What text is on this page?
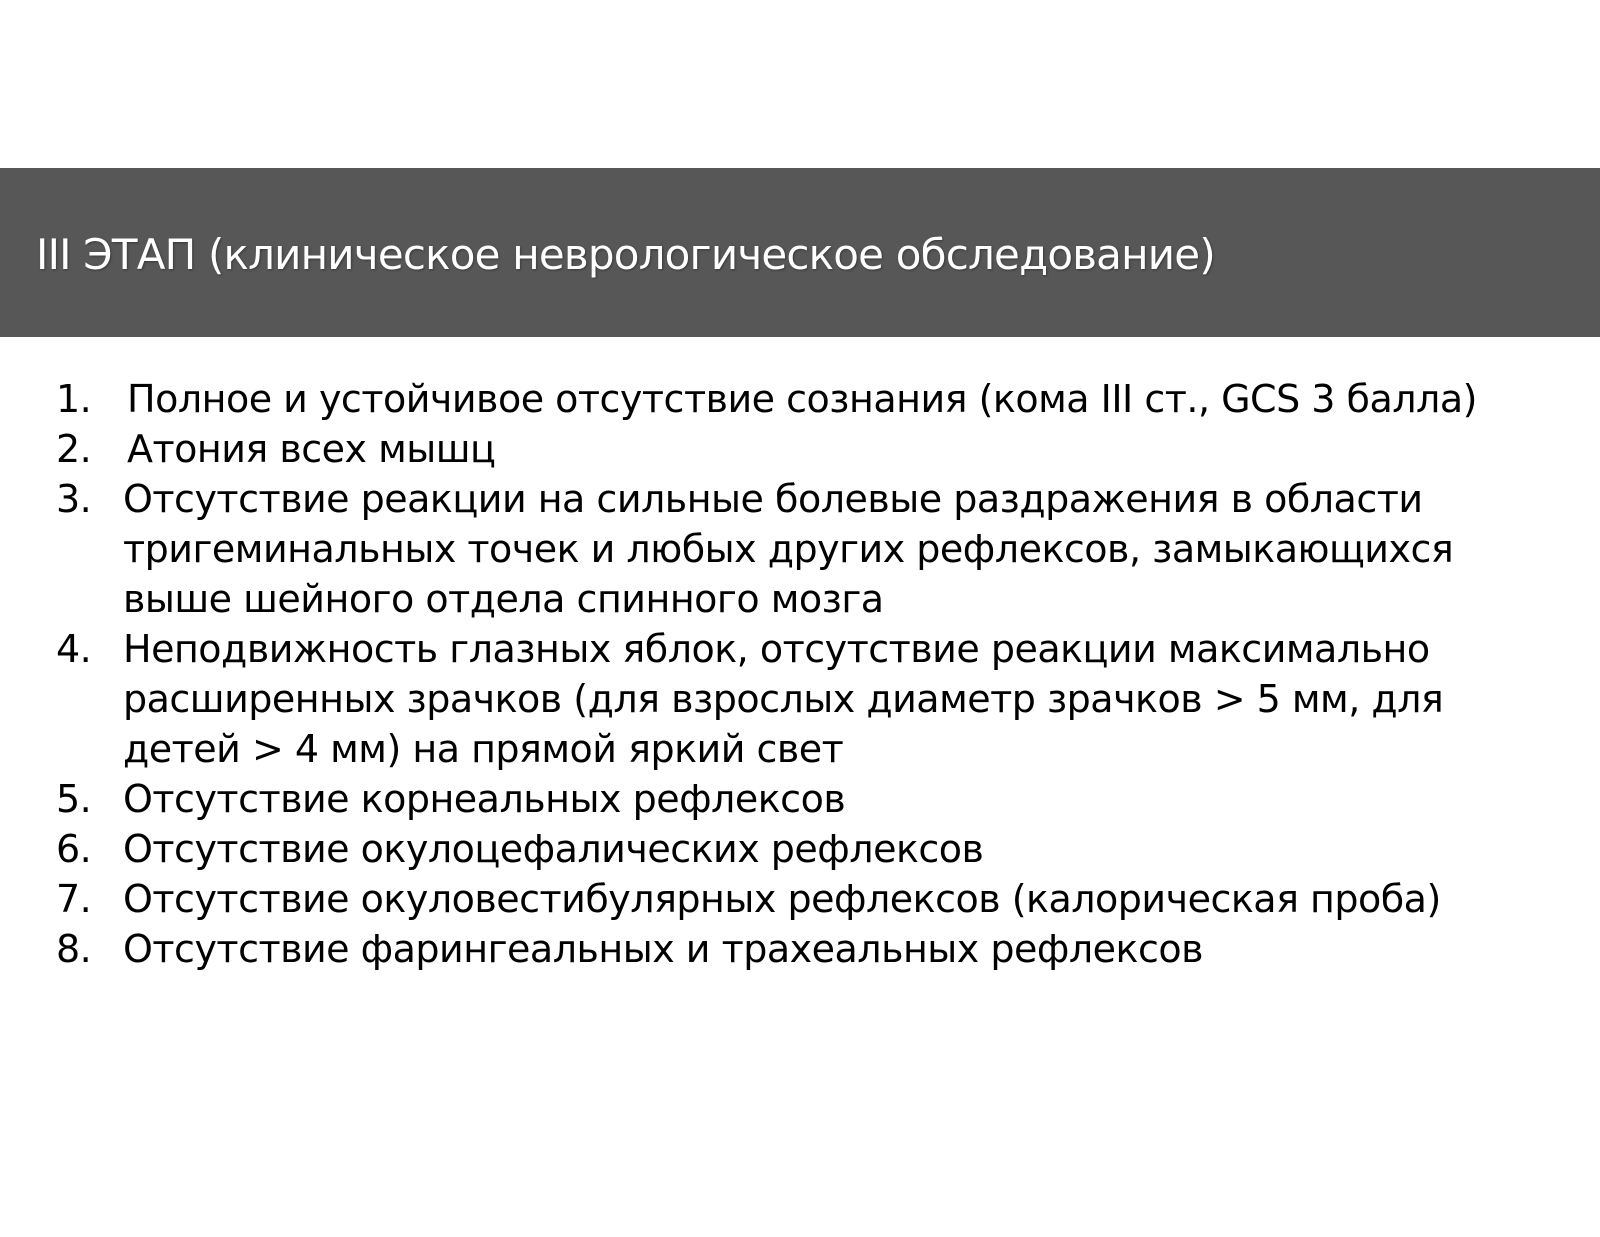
III ЭТАП (клиническое неврологическое обследование)
1. Полное и устойчивое отсутствие сознания (кома III ст., GCS 3 балла)
2. Атония всех мышц
3. Отсутствие реакции на сильные болевые раздражения в области
тригеминальных точек и любых других рефлексов, замыкающихся
выше шейного отдела спинного мозга
4. Неподвижность глазных яблок, отсутствие реакции максимально
расширенных зрачков (для взрослых диаметр зрачков > 5 мм, для
детей > 4 мм) на прямой яркий свет
5. Отсутствие корнеальных рефлексов
6. Отсутствие окулоцефалических рефлексов
7. Отсутствие окуловестибулярных рефлексов (калорическая проба)
8. Отсутствие фарингеальных и трахеальных рефлексов
